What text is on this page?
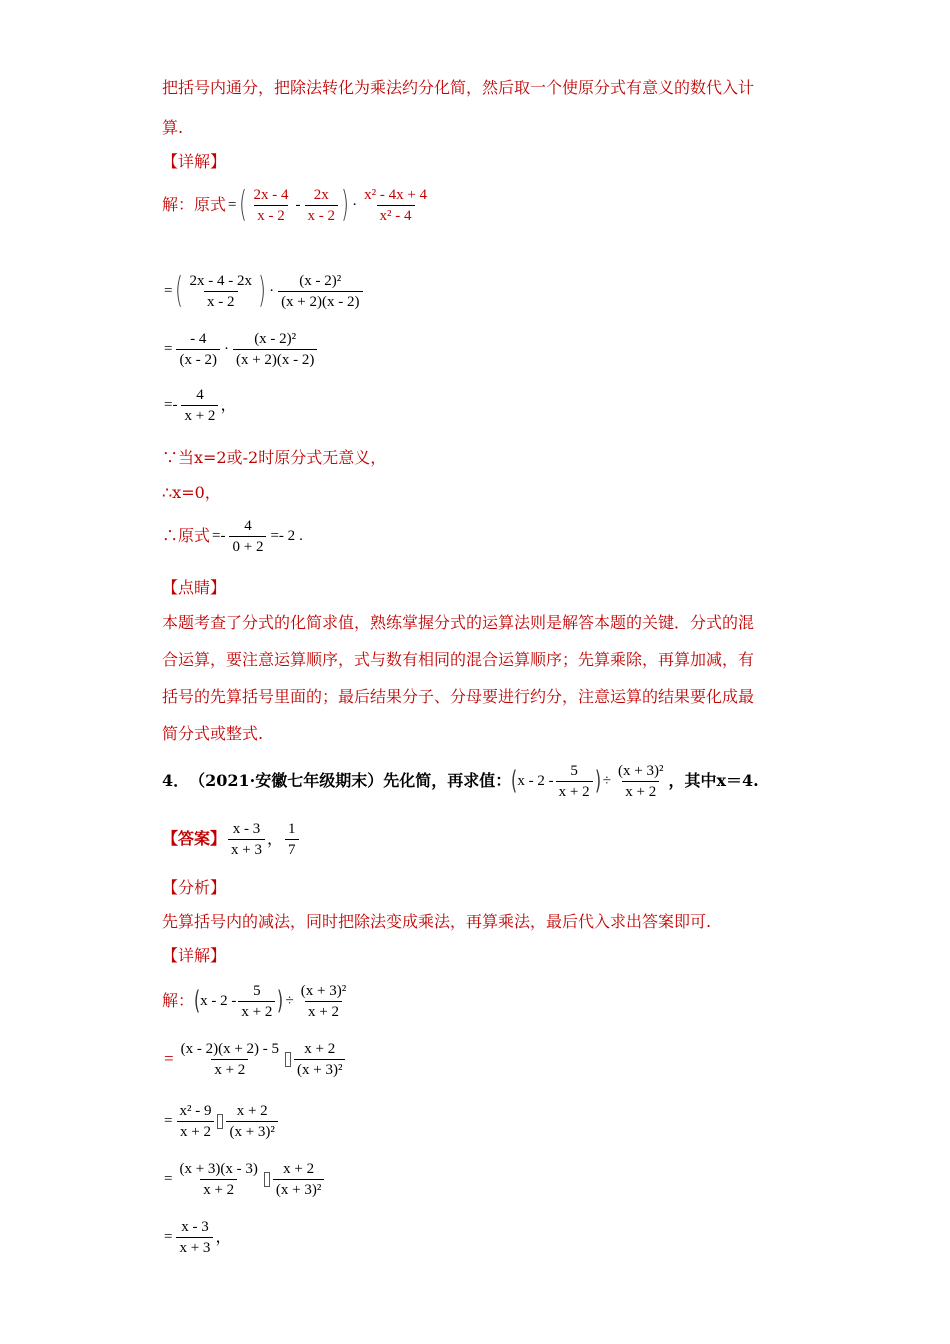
把括号内通分，把除法转化为乘法约分化简，然后取一个使原分式有意义的数代入计
算.
【详解】
解：原式 = ( $\frac{2x - 4}{x - 2} - \frac{2x}{x - 2}$ ) · $\frac{\text{x² - 4x + 4}}{\text{x² - 4}}$
= ( $\frac{2x - 4 - 2x}{x - 2}$ ) · $\frac{\text{(x - 2)²}}{(x + 2)(x - 2)}$
= $\frac{- 4}{(x - 2)} \cdot \frac{\text{(x - 2)²}}{(x + 2)(x - 2)}$
=- $\frac{4}{x + 2}$ ，
∵当x=2或-2时原分式无意义，
∴x=0，
∴原式 =- $\frac{4}{0 + 2} =- 2$ .
【点睛】
本题考查了分式的化简求值，熟练掌握分式的运算法则是解答本题的关键．分式的混
合运算，要注意运算顺序，式与数有相同的混合运算顺序；先算乘除，再算加减，有
括号的先算括号里面的；最后结果分子、分母要进行约分，注意运算的结果要化成最
简分式或整式.
4． （2021·安徽七年级期末）先化简，再求值： ( x - $2 - \frac{5}{x + 2}$ ) ÷ $\frac{\text{(x + 3)²}}{x + 2}$ ，其中x＝4.
【答案】 $\frac{x - 3}{x + 3}$ ， $\frac{1}{7}$
【分析】
先算括号内的减法，同时把除法变成乘法，再算乘法，最后代入求出答案即可.
【详解】
解： ( x - $2 - \frac{5}{x + 2}$ ) ÷ $\frac{\text{(x + 3)²}}{x + 2}$
= $\frac{(x - 2)(x + 2) - 5}{x + 2} \frac{x + 2}{\text{(x + 3)²}}$
= $\frac{\text{x² - 9}}{x + 2} \frac{x + 2}{\text{(x + 3)²}}$
= $\frac{(x + 3)(x - 3)}{x + 2} \frac{x + 2}{\text{(x + 3)²}}$
= $\frac{x - 3}{x + 3}$ ，
